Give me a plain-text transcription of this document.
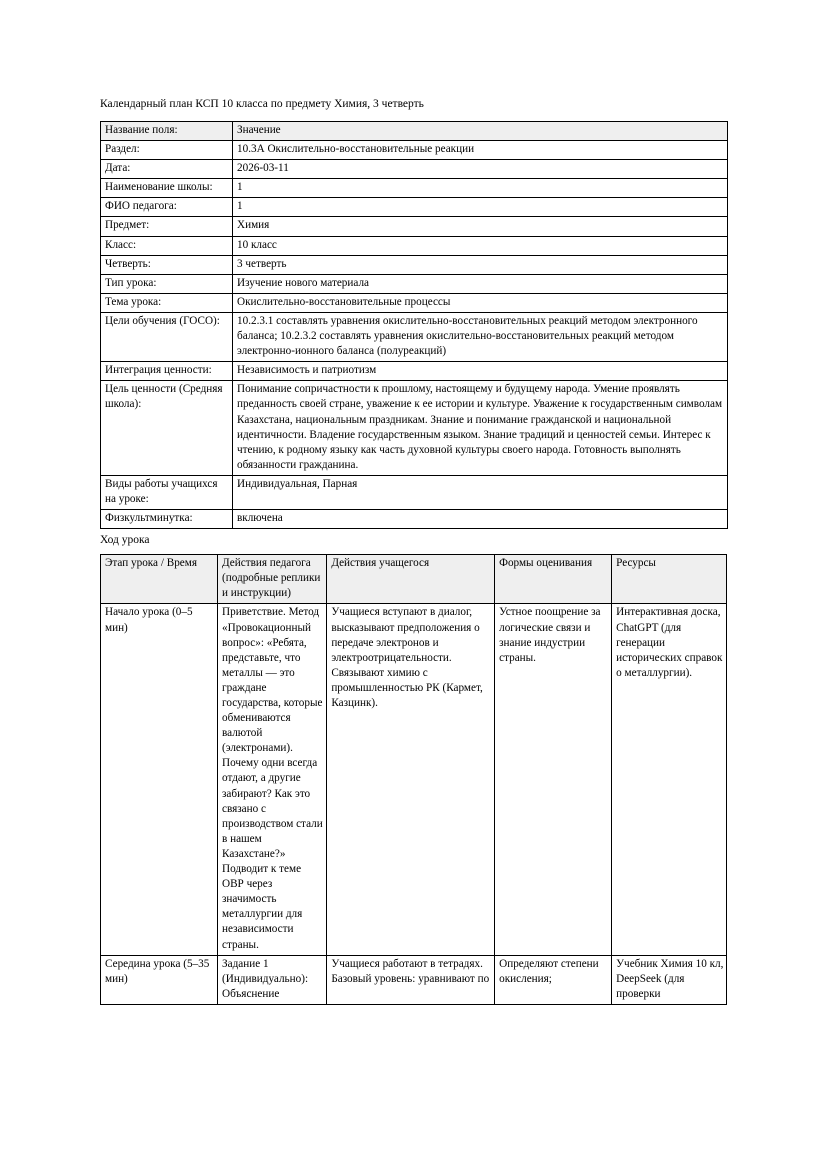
Календарный план КСП 10 класса по предмету Химия, 3 четверть
Название поля:	Значение
Раздел:	10.3А Окислительно-восстановительные реакции
Дата:	2026-03-11
Наименование школы:	1
ФИО педагога:	1
Предмет:	Химия
Класс:	10 класс
Четверть:	3 четверть
Тип урока:	Изучение нового материала
Тема урока:	Окислительно-восстановительные процессы
Цели обучения (ГОСО):	10.2.3.1 составлять уравнения окислительно-восстановительных реакций методом электронного баланса; 10.2.3.2 составлять уравнения окислительно-восстановительных реакций методом электронно-ионного баланса (полуреакций)
Интеграция ценности:	Независимость и патриотизм
Цель ценности (Средняя школа):	Понимание сопричастности к прошлому, настоящему и будущему народа. Умение проявлять преданность своей стране, уважение к ее истории и культуре. Уважение к государственным символам Казахстана, национальным праздникам. Знание и понимание гражданской и национальной идентичности. Владение государственным языком. Знание традиций и ценностей семьи. Интерес к чтению, к родному языку как часть духовной культуры своего народа. Готовность выполнять обязанности гражданина.
Виды работы учащихся на уроке:	Индивидуальная, Парная
Физкультминутка:	включена
Ход урока
Этап урока / Время	Действия педагога (подробные реплики и инструкции)	Действия учащегося	Формы оценивания	Ресурсы
Начало урока (0–5 мин)	Приветствие. Метод «Провокационный вопрос»: «Ребята, представьте, что металлы — это граждане государства, которые обмениваются валютой (электронами). Почему одни всегда отдают, а другие забирают? Как это связано с производством стали в нашем Казахстане?» Подводит к теме ОВР через значимость металлургии для независимости страны.	Учащиеся вступают в диалог, высказывают предположения о передаче электронов и электроотрицательности. Связывают химию с промышленностью РК (Кармет, Казцинк).	Устное поощрение за логические связи и знание индустрии страны.	Интерактивная доска, ChatGPT (для генерации исторических справок о металлургии).
Середина урока (5–35 мин)	Задание 1 (Индивидуально): Объяснение	Учащиеся работают в тетрадях. Базовый уровень: уравнивают по	Определяют степени окисления;	Учебник Химия 10 кл, DeepSeek (для проверки
